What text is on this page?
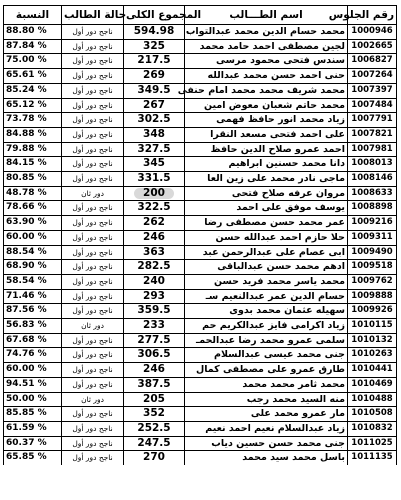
النسبة	حالة الطالب	المجموع الكلى	اسم الطـــالب	رقم الجلوس
88.80 %	ناجح دور أول	594.98	محمد حسام الدين محمد عبدالتواب	1000946
87.84 %	ناجح دور أول	325	لجين مصطفى احمد حامد محمد	1002665
75.00 %	ناجح دور أول	217.5	سندس فتحى محمود مرسى	1006827
65.61 %	ناجح دور أول	269	حنى احمد حسن محمد عبدالله	1007264
85.24 %	ناجح دور أول	349.5	محمد شريف محمد محمد امام حنفى	1007397
65.12 %	ناجح دور أول	267	محمد حاتم شعبان معوض امين	1007484
73.78 %	ناجح دور أول	302.5	زياد محمد انور حافظ فهمى	1007791
84.88 %	ناجح دور أول	348	على احمد فتحى مسعد النقرا	1007821
79.88 %	ناجح دور أول	327.5	احمد عمرو صلاح الدين حافظ	1007981
84.15 %	ناجح دور أول	345	دانا محمد حسنين ابراهيم	1008013
80.85 %	ناجح دور أول	331.5	ماجى نادر محمد على زين العا	1008146
48.78 %	دور ثان	200	مروان عرفه صلاح فتحى	1008633
78.66 %	ناجح دور أول	322.5	يوسف موفق على احمد	1008898
63.90 %	ناجح دور أول	262	عمر محمد حسن مصطفى رضا	1009216
60.00 %	ناجح دور أول	246	حلا حازم احمد عبدالله حسن	1009311
88.54 %	ناجح دور أول	363	ابى عصام على عبدالرحمن عبد	1009490
68.90 %	ناجح دور أول	282.5	ادهم محمد حسن عبدالباقى	1009518
58.54 %	ناجح دور أول	240	محمد ياسر محمد فريد حسن	1009762
71.46 %	ناجح دور أول	293	حسام الدين عمر عبدالنعيم سـ	1009888
87.56 %	ناجح دور أول	359.5	سهيله عثمان محمد بدوى	1009926
56.83 %	دور ثان	233	زياد اكرامى فايز عبدالكريم حم	1010115
67.68 %	ناجح دور أول	277.5	سلمى عمرو محمد رضا عبدالحمـ	1010132
74.76 %	ناجح دور أول	306.5	جنى محمد عيسى عبدالسلام	1010263
60.00 %	ناجح دور أول	246	طارق عمرو على مصطفى كمال	1010441
94.51 %	ناجح دور أول	387.5	محمد ثامر محمد محمد	1010469
50.00 %	دور ثان	205	منه السيد محمد رجب	1010488
85.85 %	ناجح دور أول	352	مار عمرو محمد على	1010508
61.59 %	ناجح دور أول	252.5	زياد عبدالسلام نعيم احمد نعيم	1010832
60.37 %	ناجح دور أول	247.5	جنى محمد حسن حسين دياب	1011025
65.85 %	ناجح دور أول	270	باسل محمد سيد محمد	1011135
